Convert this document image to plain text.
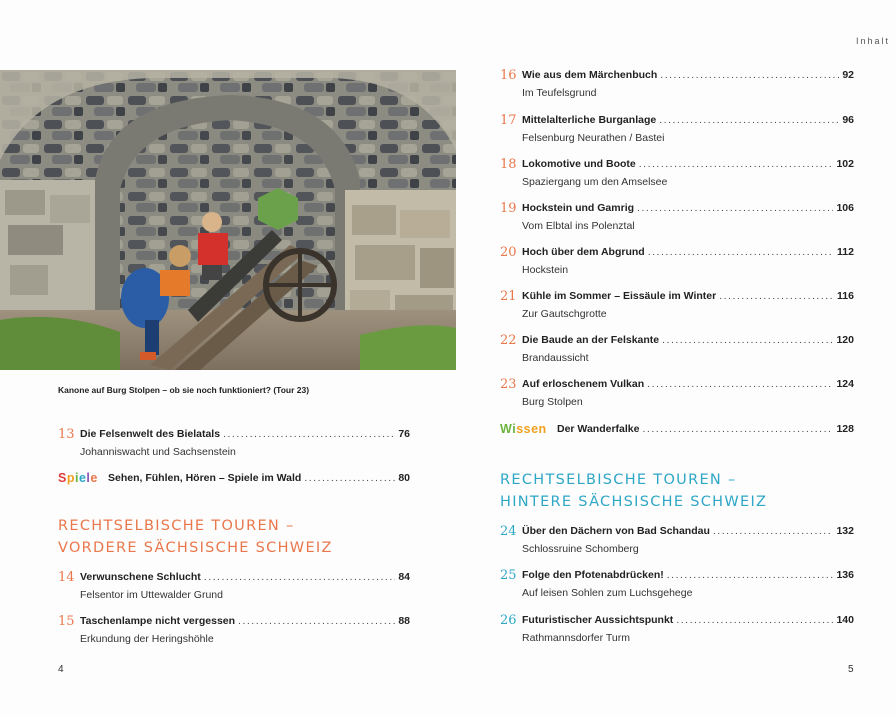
Inhalt
Kanone auf Burg Stolpen – ob sie noch funktioniert? (Tour 23)
13 Die Felsenwelt des Bielatals .....	76
Johanniswacht und Sachsenstein
Spiele Sehen, Fühlen, Hören – Spiele im Wald .....	80
RECHTSELBISCHE TOUREN –
VORDERE SÄCHSISCHE SCHWEIZ
14 Verwunschene Schlucht .....	84
Felsentor im Uttewalder Grund
15 Taschenlampe nicht vergessen .....	88
Erkundung der Heringshöhle
16 Wie aus dem Märchenbuch .....	92
Im Teufelsgrund
17 Mittelalterliche Burganlage .....	96
Felsenburg Neurathen / Bastei
18 Lokomotive und Boote .....	102
Spaziergang um den Amselsee
19 Hockstein und Gamrig .....	106
Vom Elbtal ins Polenztal
20 Hoch über dem Abgrund .....	112
Hockstein
21 Kühle im Sommer – Eissäule im Winter .....	116
Zur Gautschgrotte
22 Die Baude an der Felskante .....	120
Brandaussicht
23 Auf erloschenem Vulkan .....	124
Burg Stolpen
Wissen Der Wanderfalke .....	128
RECHTSELBISCHE TOUREN –
HINTERE SÄCHSISCHE SCHWEIZ
24 Über den Dächern von Bad Schandau .....	132
Schlossruine Schomberg
25 Folge den Pfotenabdrücken! .....	136
Auf leisen Sohlen zum Luchsgehege
26 Futuristischer Aussichtspunkt .....	140
Rathmannsdorfer Turm
4	5
